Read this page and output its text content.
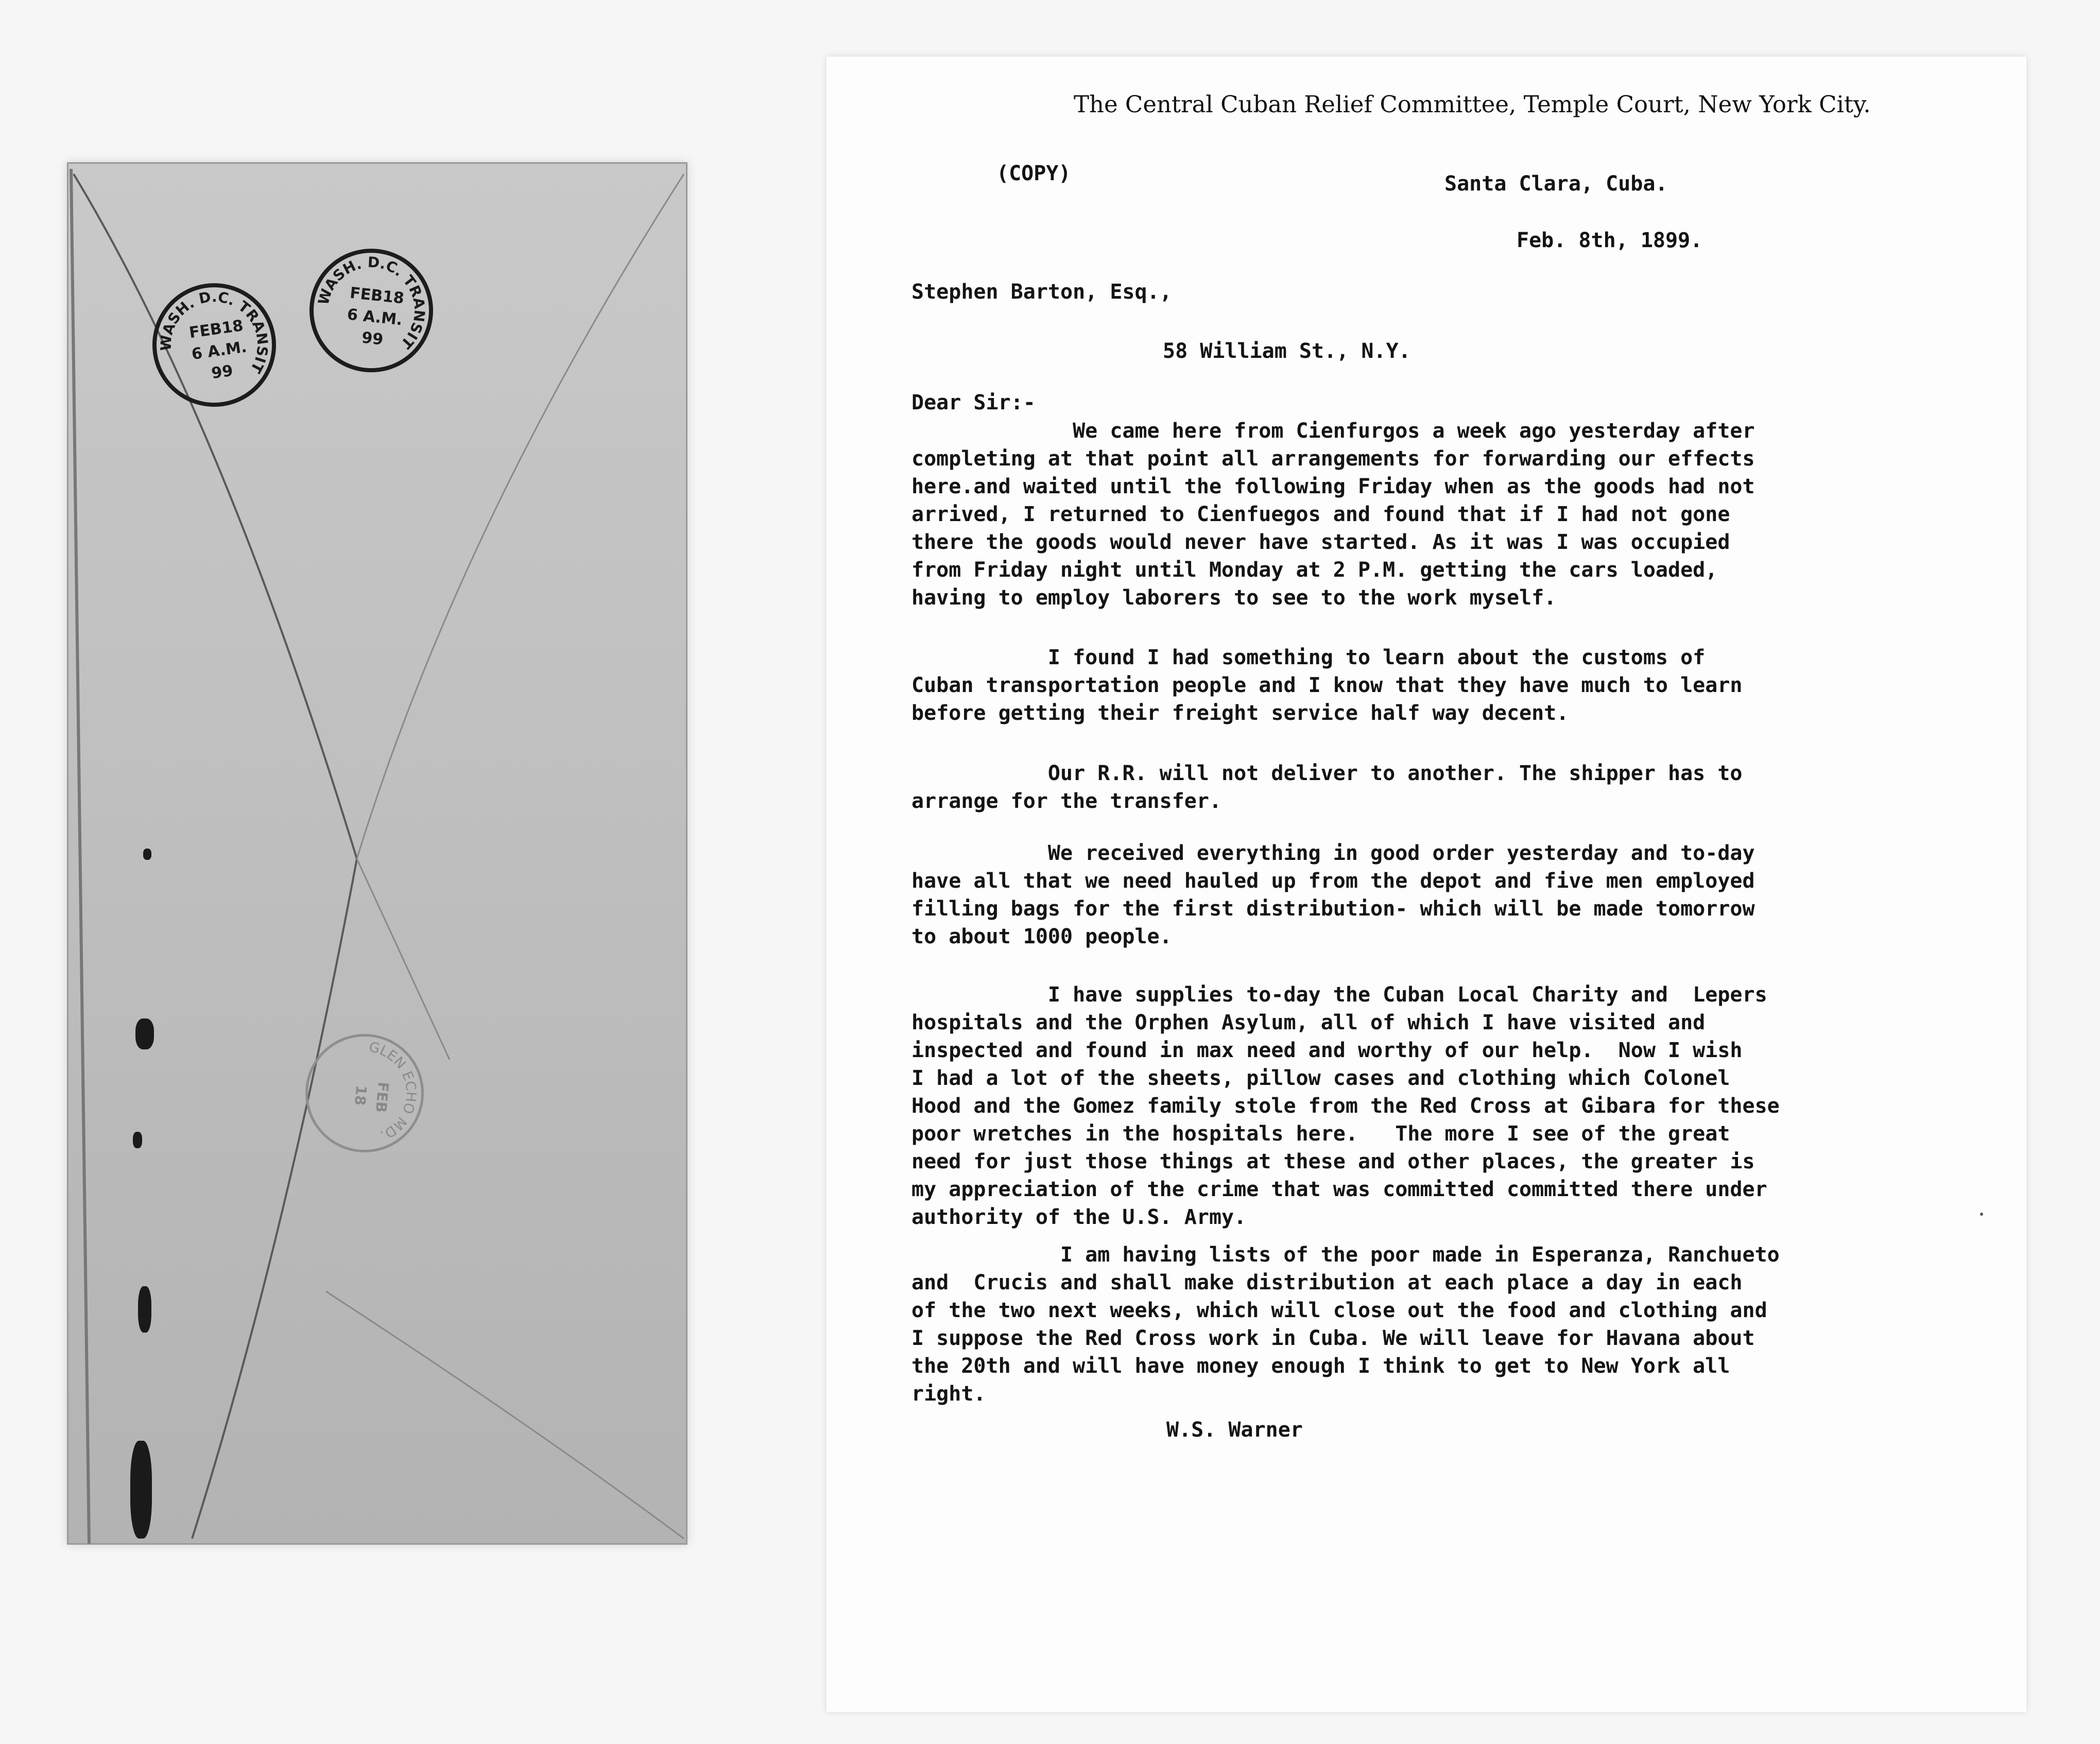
WASH. D.C. TRANSIT
FEB18
6 A.M.
99
WASH. D.C. TRANSIT
FEB18
6 A.M.
99
GLEN ECHO MD.
FEB
18
The Central Cuban Relief Committee, Temple Court, New York City.
(COPY)	Santa Clara, Cuba.
Feb. 8th, 1899.
Stephen Barton, Esq.,
58 William St., N.Y.
Dear Sir:-
We came here from Cienfurgos a week ago yesterday after
completing at that point all arrangements for forwarding our effects
here.and waited until the following Friday when as the goods had not
arrived, I returned to Cienfuegos and found that if I had not gone
there the goods would never have started. As it was I was occupied
from Friday night until Monday at 2 P.M. getting the cars loaded,
having to employ laborers to see to the work myself.
I found I had something to learn about the customs of
Cuban transportation people and I know that they have much to learn
before getting their freight service half way decent.
Our R.R. will not deliver to another. The shipper has to
arrange for the transfer.
We received everything in good order yesterday and to-day
have all that we need hauled up from the depot and five men employed
filling bags for the first distribution- which will be made tomorrow
to about 1000 people.
I have supplies to-day the Cuban Local Charity and  Lepers
hospitals and the Orphen Asylum, all of which I have visited and
inspected and found in max need and worthy of our help.  Now I wish
I had a lot of the sheets, pillow cases and clothing which Colonel
Hood and the Gomez family stole from the Red Cross at Gibara for these
poor wretches in the hospitals here.   The more I see of the great
need for just those things at these and other places, the greater is
my appreciation of the crime that was committed committed there under
authority of the U.S. Army.
I am having lists of the poor made in Esperanza, Ranchueto
and  Crucis and shall make distribution at each place a day in each
of the two next weeks, which will close out the food and clothing and
I suppose the Red Cross work in Cuba. We will leave for Havana about
the 20th and will have money enough I think to get to New York all
right.
W.S. Warner
